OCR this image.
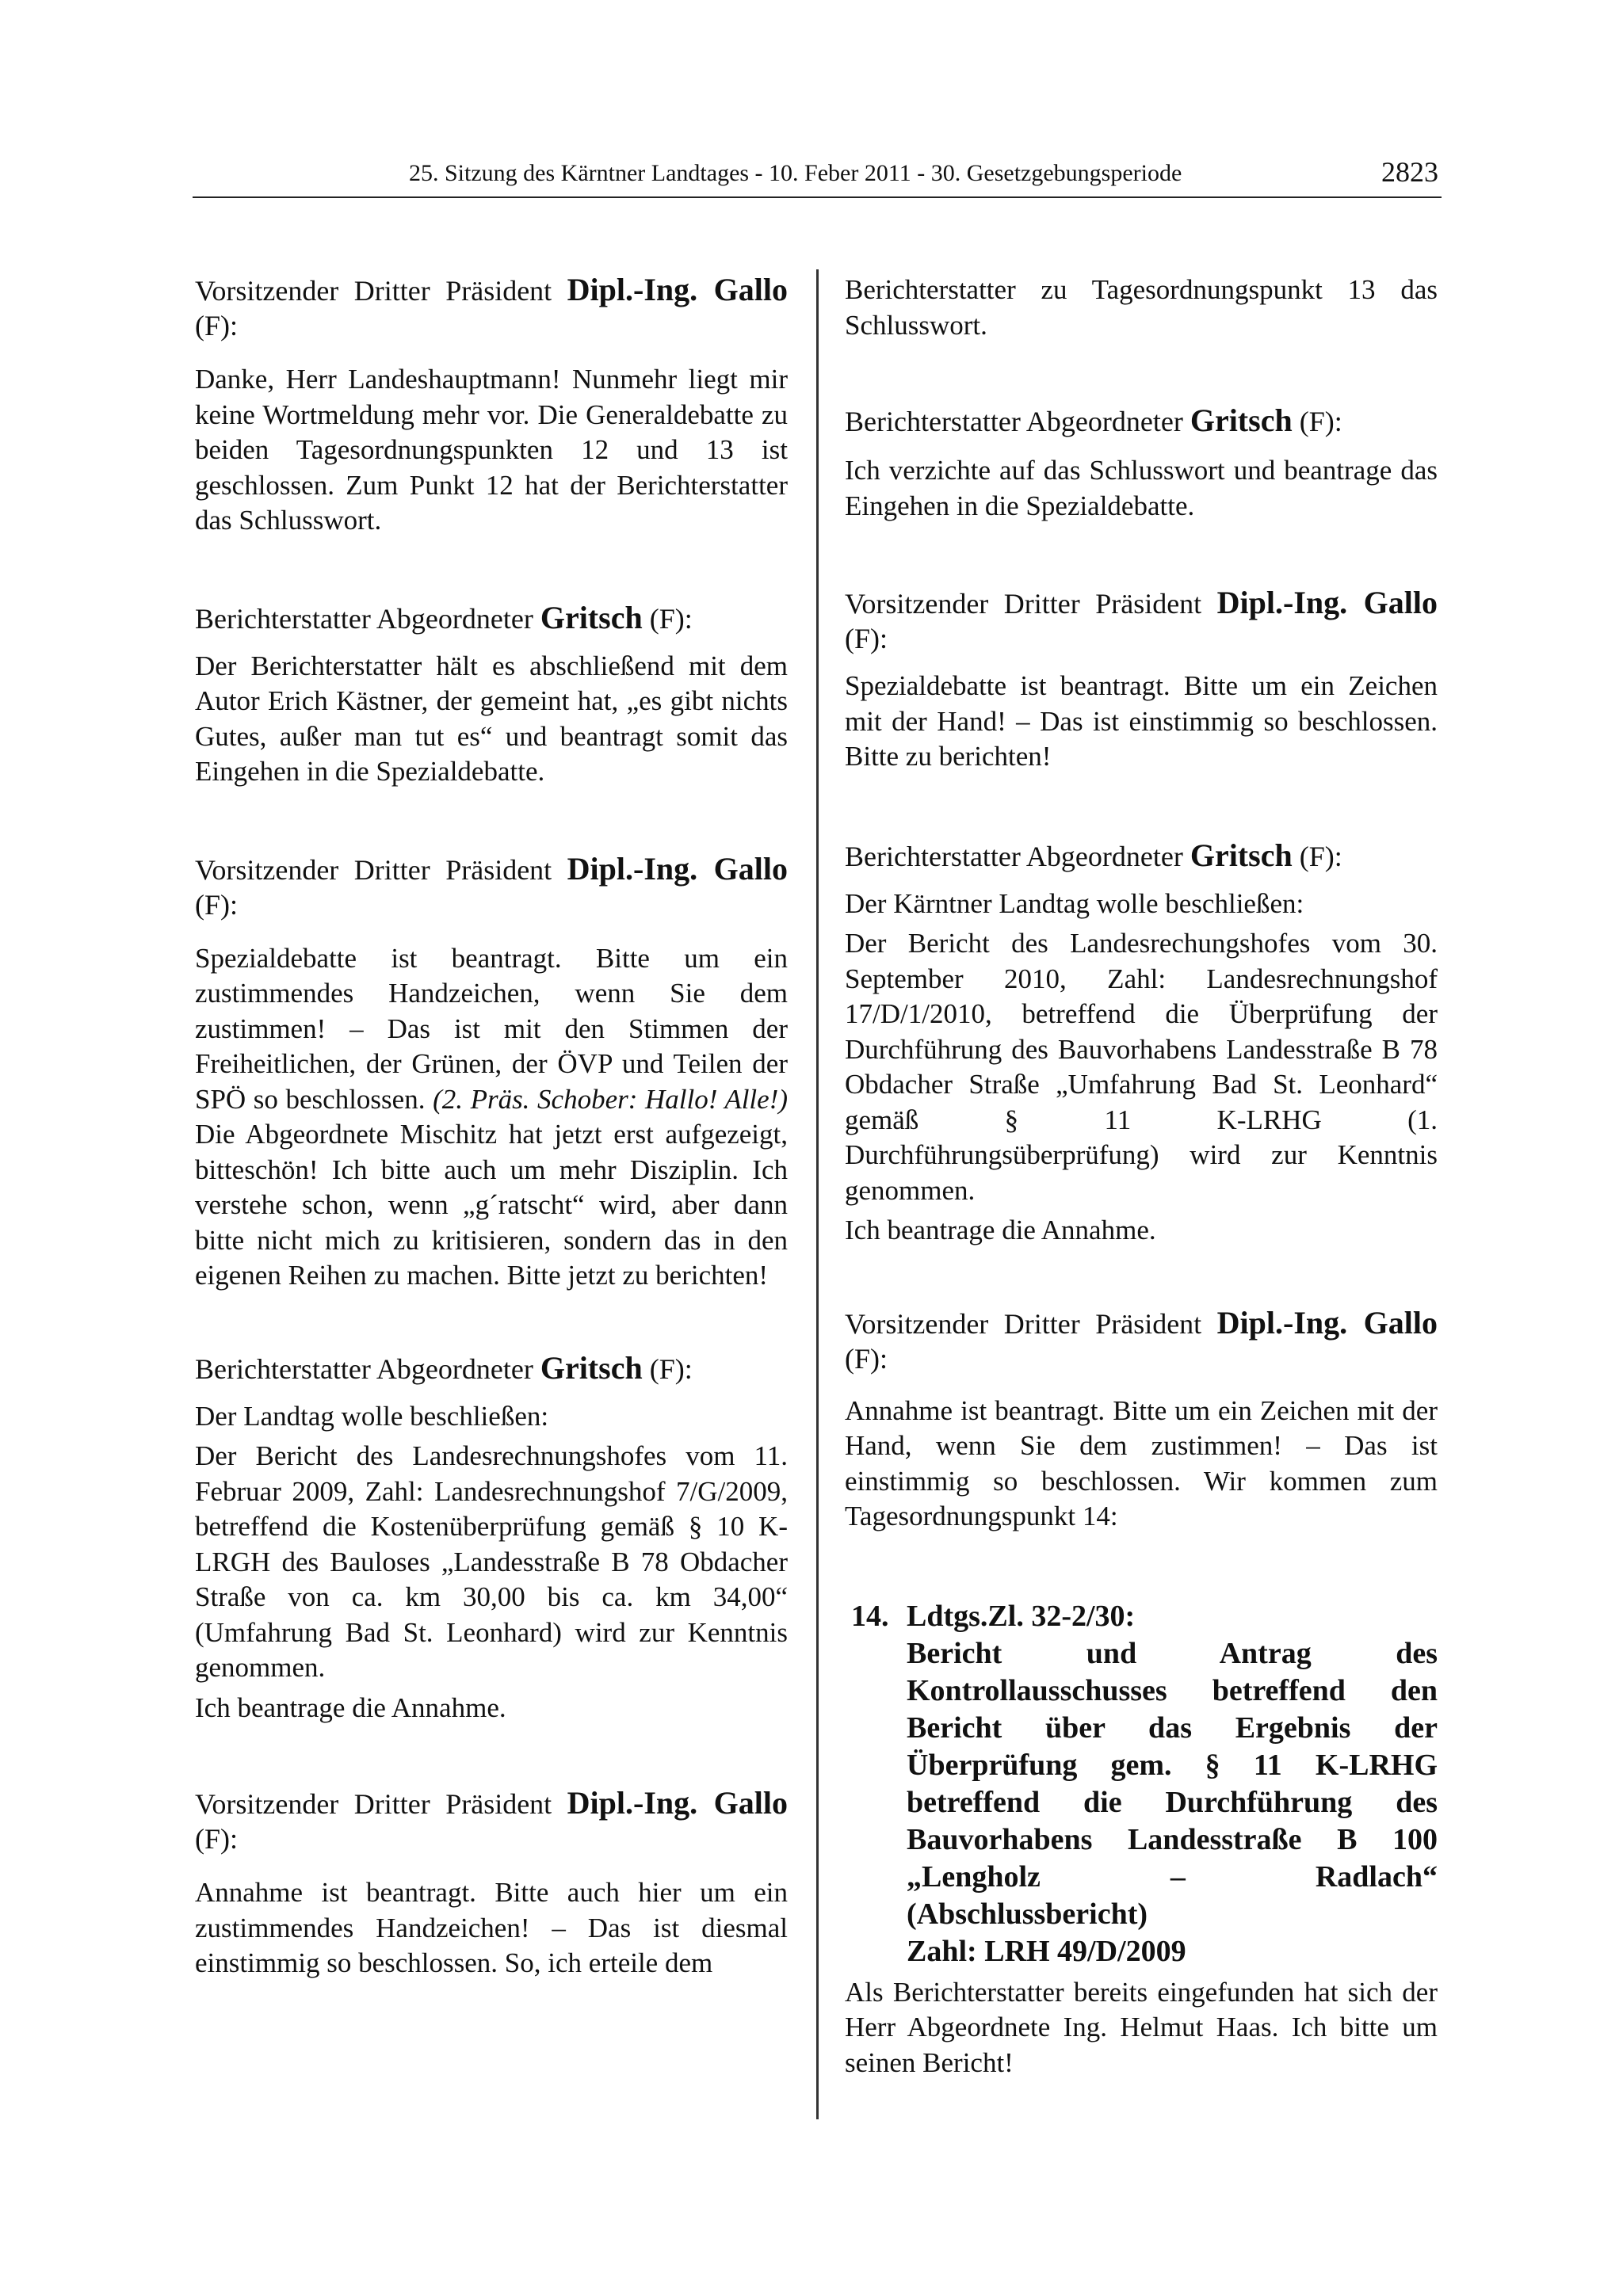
25. Sitzung des Kärntner Landtages - 10. Feber 2011 - 30. Gesetzgebungsperiode	2823
Vorsitzender Dritter Präsident Dipl.-Ing. Gallo (F):

Danke, Herr Landeshauptmann! Nunmehr liegt mir keine Wortmeldung mehr vor. Die Generaldebatte zu beiden Tagesordnungspunkten 12 und 13 ist geschlossen. Zum Punkt 12 hat der Berichterstatter das Schlusswort.

Berichterstatter Abgeordneter Gritsch (F):

Der Berichterstatter hält es abschließend mit dem Autor Erich Kästner, der gemeint hat, „es gibt nichts Gutes, außer man tut es“ und beantragt somit das Eingehen in die Spezialdebatte.

Vorsitzender Dritter Präsident Dipl.-Ing. Gallo (F):

Spezialdebatte ist beantragt. Bitte um ein zustimmendes Handzeichen, wenn Sie dem zustimmen! – Das ist mit den Stimmen der Freiheitlichen, der Grünen, der ÖVP und Teilen der SPÖ so beschlossen. (2. Präs. Schober: Hallo! Alle!) Die Abgeordnete Mischitz hat jetzt erst aufgezeigt, bitteschön! Ich bitte auch um mehr Disziplin. Ich verstehe schon, wenn „g´ratscht“ wird, aber dann bitte nicht mich zu kritisieren, sondern das in den eigenen Reihen zu machen. Bitte jetzt zu berichten!

Berichterstatter Abgeordneter Gritsch (F):

Der Landtag wolle beschließen:

Der Bericht des Landesrechnungshofes vom 11. Februar 2009, Zahl: Landesrechnungshof 7/G/2009, betreffend die Kostenüberprüfung gemäß § 10 K-LRGH des Bauloses „Landesstraße B 78 Obdacher Straße von ca. km 30,00 bis ca. km 34,00“ (Umfahrung Bad St. Leonhard) wird zur Kenntnis genommen.

Ich beantrage die Annahme.

Vorsitzender Dritter Präsident Dipl.-Ing. Gallo (F):

Annahme ist beantragt. Bitte auch hier um ein zustimmendes Handzeichen! – Das ist diesmal einstimmig so beschlossen. So, ich erteile dem

Berichterstatter zu Tagesordnungspunkt 13 das Schlusswort.

Berichterstatter Abgeordneter Gritsch (F):

Ich verzichte auf das Schlusswort und beantrage das Eingehen in die Spezialdebatte.

Vorsitzender Dritter Präsident Dipl.-Ing. Gallo (F):

Spezialdebatte ist beantragt. Bitte um ein Zeichen mit der Hand! – Das ist einstimmig so beschlossen. Bitte zu berichten!

Berichterstatter Abgeordneter Gritsch (F):

Der Kärntner Landtag wolle beschließen:

Der Bericht des Landesrechungshofes vom 30. September 2010, Zahl: Landesrechnungshof 17/D/1/2010, betreffend die Überprüfung der Durchführung des Bauvorhabens Landesstraße B 78 Obdacher Straße „Umfahrung Bad St. Leonhard“ gemäß § 11 K-LRHG (1. Durchführungsüberprüfung) wird zur Kenntnis genommen.

Ich beantrage die Annahme.

Vorsitzender Dritter Präsident Dipl.-Ing. Gallo (F):

Annahme ist beantragt. Bitte um ein Zeichen mit der Hand, wenn Sie dem zustimmen! – Das ist einstimmig so beschlossen. Wir kommen zum Tagesordnungspunkt 14:

14. Ldtgs.Zl. 32-2/30:
Bericht und Antrag des Kontrollausschusses betreffend den Bericht über das Ergebnis der Überprüfung gem. § 11 K-LRHG betreffend die Durchführung des Bauvorhabens Landesstraße B 100 „Lengholz – Radlach“ (Abschlussbericht)
Zahl: LRH 49/D/2009

Als Berichterstatter bereits eingefunden hat sich der Herr Abgeordnete Ing. Helmut Haas. Ich bitte um seinen Bericht!
